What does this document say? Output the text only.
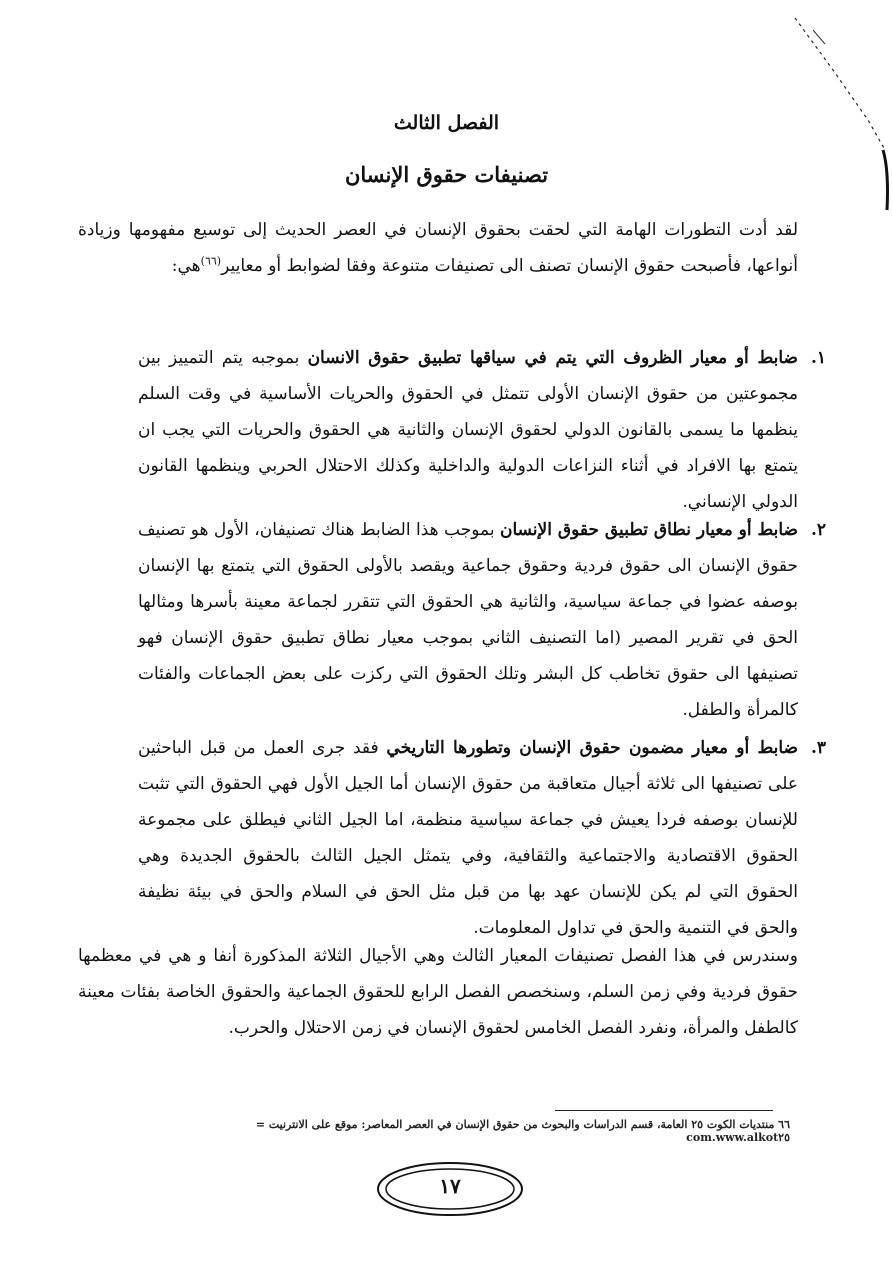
الفصل الثالث
تصنيفات حقوق الإنسان
لقد أدت التطورات الهامة التي لحقت بحقوق الإنسان في العصر الحديث إلى توسيع مفهومها وزيادة أنواعها، فأصبحت حقوق الإنسان تصنف الى تصنيفات متنوعة وفقا لضوابط أو معايير$^{(٦٦)}$هي:
١.
ضابط أو معيار الظروف التي يتم في سياقها تطبيق حقوق الانسان بموجبه يتم التمييز بين مجموعتين من حقوق الإنسان الأولى تتمثل في الحقوق والحريات الأساسية في وقت السلم ينظمها ما يسمى بالقانون الدولي لحقوق الإنسان والثانية هي الحقوق والحريات التي يجب ان يتمتع بها الافراد في أثناء النزاعات الدولية والداخلية وكذلك الاحتلال الحربي وينظمها القانون الدولي الإنساني.
٢.
ضابط أو معيار نطاق تطبيق حقوق الإنسان بموجب هذا الضابط هناك تصنيفان، الأول هو تصنيف حقوق الإنسان الى حقوق فردية وحقوق جماعية ويقصد بالأولى الحقوق التي يتمتع بها الإنسان بوصفه عضوا في جماعة سياسية، والثانية هي الحقوق التي تتقرر لجماعة معينة بأسرها ومثالها الحق في تقرير المصير (اما التصنيف الثاني بموجب معيار نطاق تطبيق حقوق الإنسان فهو تصنيفها الى حقوق تخاطب كل البشر وتلك الحقوق التي ركزت على بعض الجماعات والفئات كالمرأة والطفل.
٣.
ضابط أو معيار مضمون حقوق الإنسان وتطورها التاريخي فقد جرى العمل من قبل الباحثين على تصنيفها الى ثلاثة أجيال متعاقبة من حقوق الإنسان أما الجيل الأول فهي الحقوق التي تثبت للإنسان بوصفه فردا يعيش في جماعة سياسية منظمة، اما الجيل الثاني فيطلق على مجموعة الحقوق الاقتصادية والاجتماعية والثقافية، وفي يتمثل الجيل الثالث بالحقوق الجديدة وهي الحقوق التي لم يكن للإنسان عهد بها من قبل مثل الحق في السلام والحق في بيئة نظيفة والحق في التنمية والحق في تداول المعلومات.
وسندرس في هذا الفصل تصنيفات المعيار الثالث وهي الأجيال الثلاثة المذكورة أنفا و هي في معظمها حقوق فردية وفي زمن السلم، وسنخصص الفصل الرابع للحقوق الجماعية والحقوق الخاصة بفئات معينة كالطفل والمرأة، ونفرد الفصل الخامس لحقوق الإنسان في زمن الاحتلال والحرب.
٦٦ منتديات الكوت ٢٥ العامة، قسم الدراسات والبحوث من حقوق الإنسان في العصر المعاصر: موقع على الانترنيت = www.alkot٢٥.com
١٧
